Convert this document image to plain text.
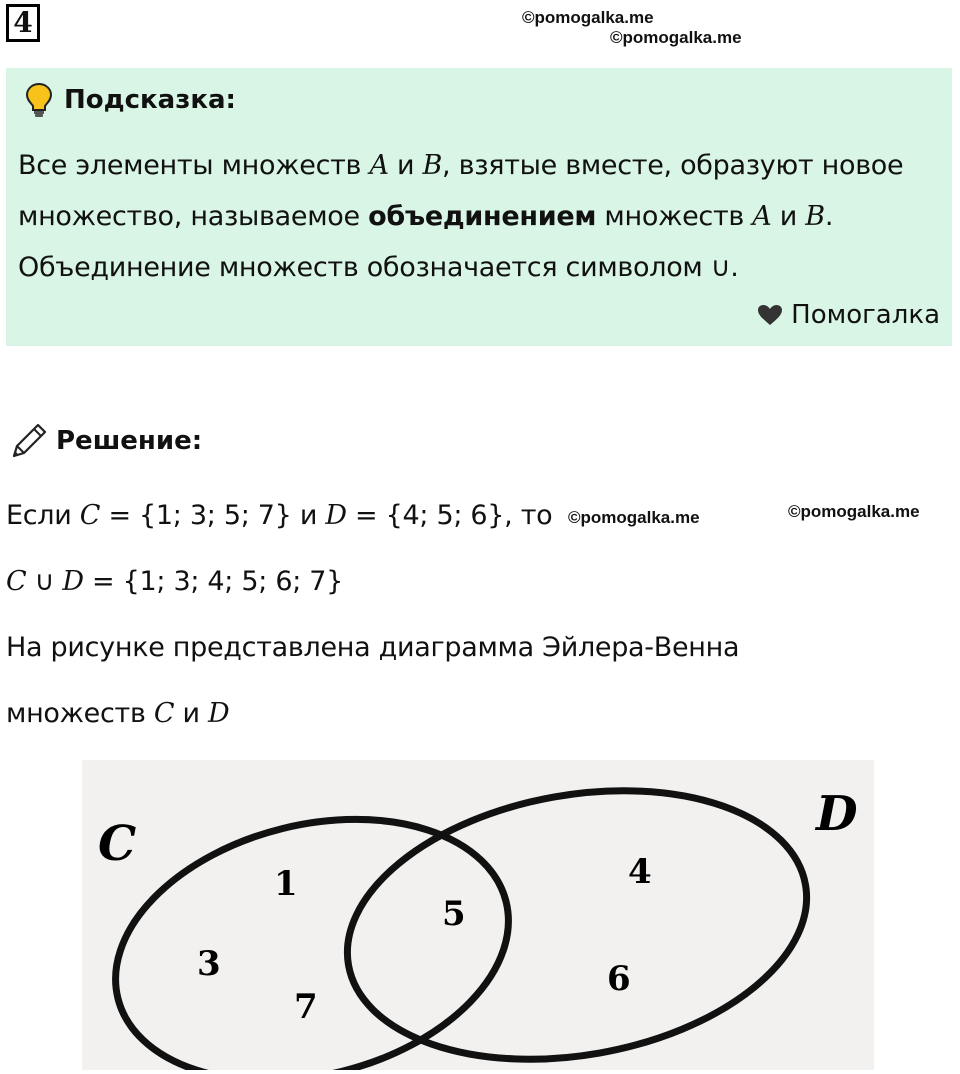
4	©pomogalka.me
©pomogalka.me
Подсказка:
Все элементы множеств A и B, взятые вместе, образуют новое множество, называемое объединением множеств A и B. Объединение множеств обозначается символом ∪.
Помогалка
Решение:
Если C = {1; 3; 5; 7} и D = {4; 5; 6}, то ©pomogalka.me	©pomogalka.me
C ∪ D = {1; 3; 4; 5; 6; 7}
На рисунке представлена диаграмма Эйлера-Венна
множеств C и D
C
D
1
3
7
5
4
6
